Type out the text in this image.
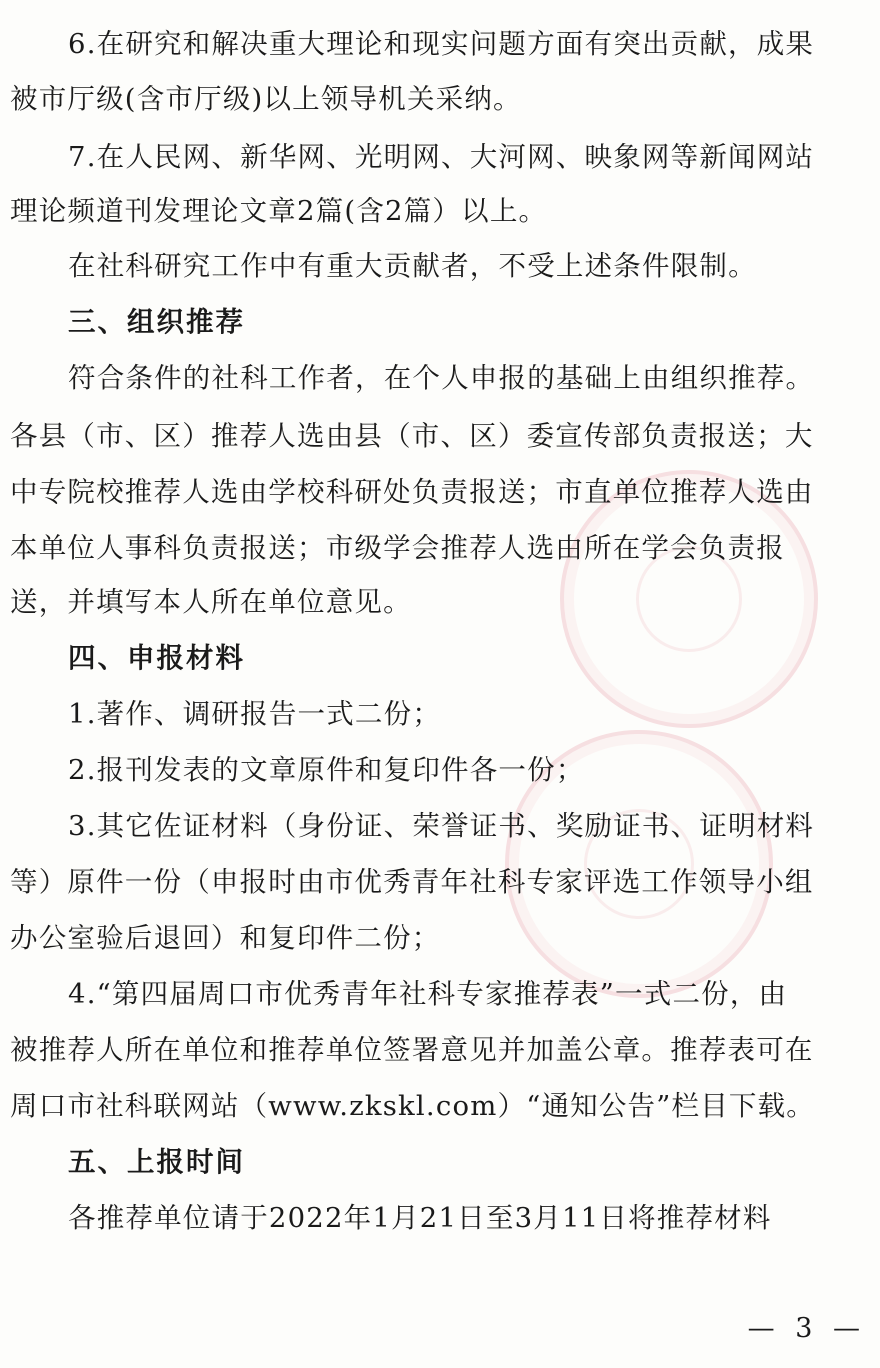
6.在研究和解决重大理论和现实问题方面有突出贡献，成果
被市厅级(含市厅级)以上领导机关采纳。
7.在人民网、新华网、光明网、大河网、映象网等新闻网站
理论频道刊发理论文章2篇(含2篇）以上。
在社科研究工作中有重大贡献者，不受上述条件限制。
三、组织推荐
符合条件的社科工作者，在个人申报的基础上由组织推荐。
各县（市、区）推荐人选由县（市、区）委宣传部负责报送；大
中专院校推荐人选由学校科研处负责报送；市直单位推荐人选由
本单位人事科负责报送；市级学会推荐人选由所在学会负责报
送，并填写本人所在单位意见。
四、申报材料
1.著作、调研报告一式二份；
2.报刊发表的文章原件和复印件各一份；
3.其它佐证材料（身份证、荣誉证书、奖励证书、证明材料
等）原件一份（申报时由市优秀青年社科专家评选工作领导小组
办公室验后退回）和复印件二份；
4.“第四届周口市优秀青年社科专家推荐表”一式二份，由
被推荐人所在单位和推荐单位签署意见并加盖公章。推荐表可在
周口市社科联网站（www.zkskl.com）“通知公告”栏目下载。
五、上报时间
各推荐单位请于2022年1月21日至3月11日将推荐材料
— 3 —
